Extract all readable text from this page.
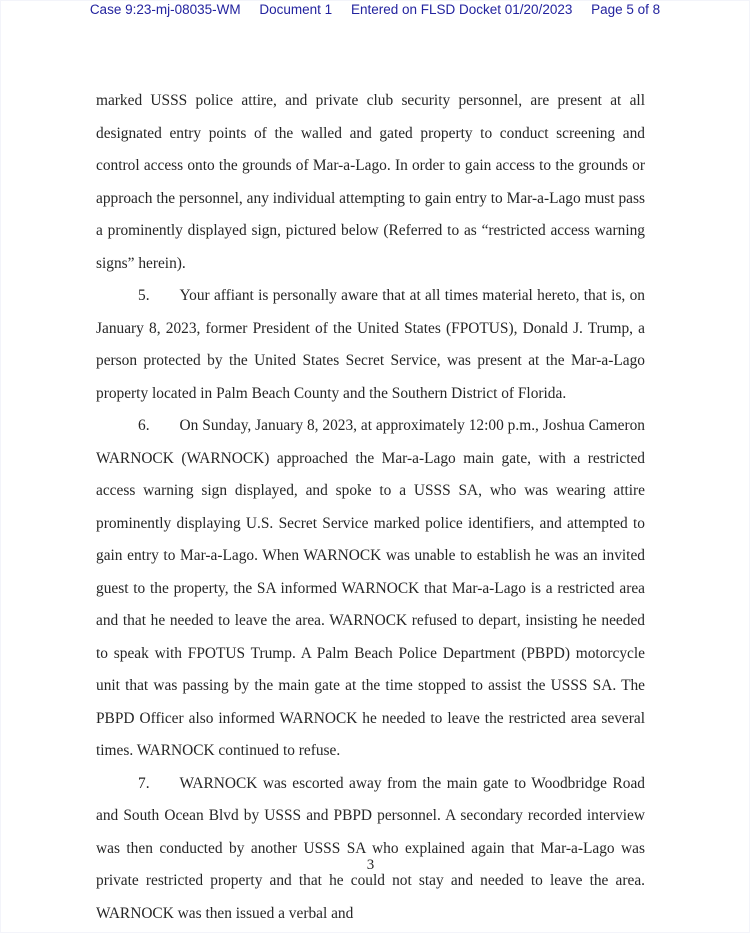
Case 9:23-mj-08035-WM Document 1 Entered on FLSD Docket 01/20/2023 Page 5 of 8

marked USSS police attire, and private club security personnel, are present at all designated entry points of the walled and gated property to conduct screening and control access onto the grounds of Mar-a-Lago. In order to gain access to the grounds or approach the personnel, any individual attempting to gain entry to Mar-a-Lago must pass a prominently displayed sign, pictured below (Referred to as “restricted access warning signs” herein).

5. Your affiant is personally aware that at all times material hereto, that is, on January 8, 2023, former President of the United States (FPOTUS), Donald J. Trump, a person protected by the United States Secret Service, was present at the Mar-a-Lago property located in Palm Beach County and the Southern District of Florida.

6. On Sunday, January 8, 2023, at approximately 12:00 p.m., Joshua Cameron WARNOCK (WARNOCK) approached the Mar-a-Lago main gate, with a restricted access warning sign displayed, and spoke to a USSS SA, who was wearing attire prominently displaying U.S. Secret Service marked police identifiers, and attempted to gain entry to Mar-a-Lago. When WARNOCK was unable to establish he was an invited guest to the property, the SA informed WARNOCK that Mar-a-Lago is a restricted area and that he needed to leave the area. WARNOCK refused to depart, insisting he needed to speak with FPOTUS Trump. A Palm Beach Police Department (PBPD) motorcycle unit that was passing by the main gate at the time stopped to assist the USSS SA. The PBPD Officer also informed WARNOCK he needed to leave the restricted area several times. WARNOCK continued to refuse.

7. WARNOCK was escorted away from the main gate to Woodbridge Road and South Ocean Blvd by USSS and PBPD personnel. A secondary recorded interview was then conducted by another USSS SA who explained again that Mar-a-Lago was private restricted property and that he could not stay and needed to leave the area. WARNOCK was then issued a verbal and

3
